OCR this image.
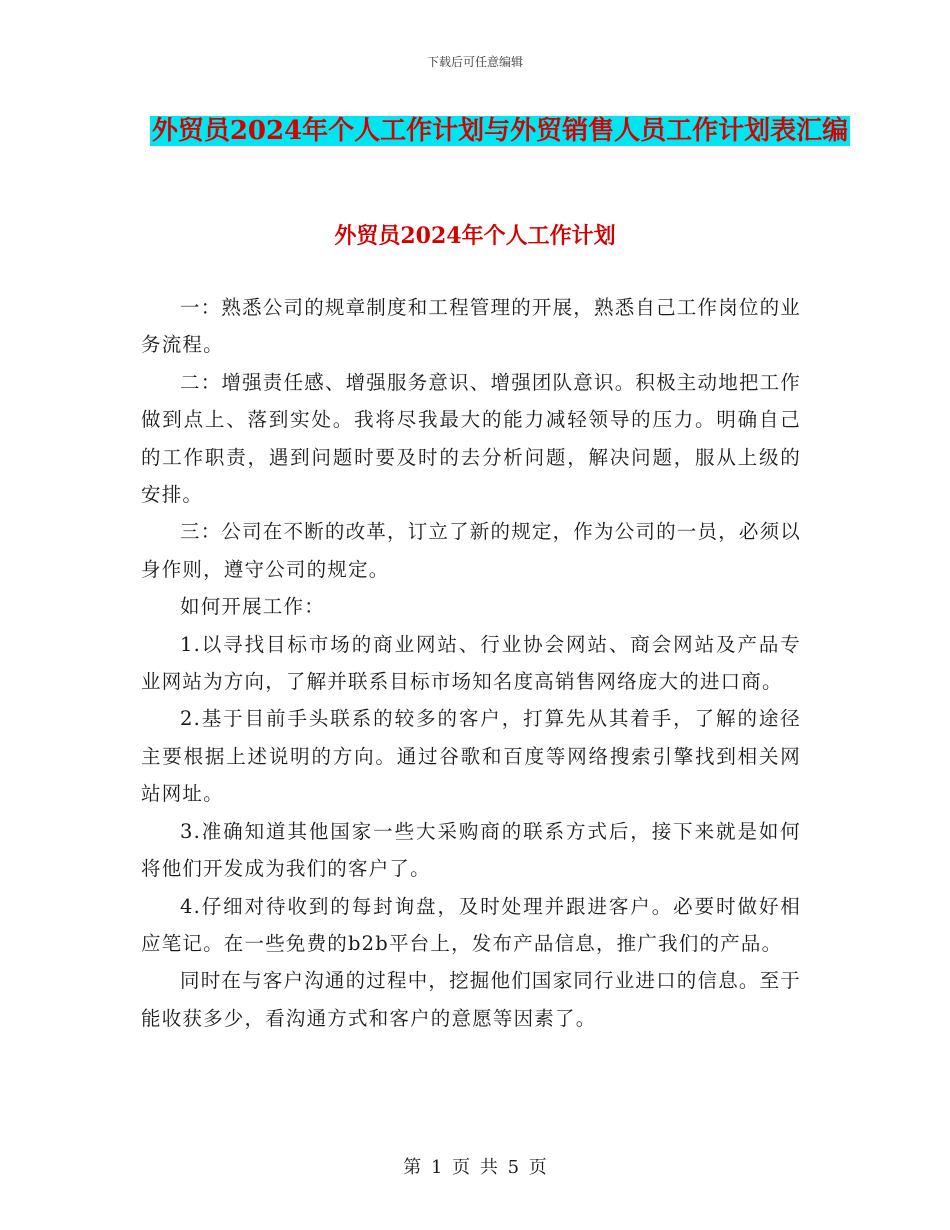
下载后可任意编辑
外贸员2024年个人工作计划与外贸销售人员工作计划表汇编
外贸员2024年个人工作计划

一：熟悉公司的规章制度和工程管理的开展，熟悉自己工作岗位的业务流程。

二：增强责任感、增强服务意识、增强团队意识。积极主动地把工作做到点上、落到实处。我将尽我最大的能力减轻领导的压力。明确自己的工作职责，遇到问题时要及时的去分析问题，解决问题，服从上级的安排。

三：公司在不断的改革，订立了新的规定，作为公司的一员，必须以身作则，遵守公司的规定。

如何开展工作：

1.以寻找目标市场的商业网站、行业协会网站、商会网站及产品专业网站为方向，了解并联系目标市场知名度高销售网络庞大的进口商。

2.基于目前手头联系的较多的客户，打算先从其着手，了解的途径主要根据上述说明的方向。通过谷歌和百度等网络搜索引擎找到相关网站网址。

3.准确知道其他国家一些大采购商的联系方式后，接下来就是如何将他们开发成为我们的客户了。

4.仔细对待收到的每封询盘，及时处理并跟进客户。必要时做好相应笔记。在一些免费的b2b平台上，发布产品信息，推广我们的产品。

同时在与客户沟通的过程中，挖掘他们国家同行业进口的信息。至于能收获多少，看沟通方式和客户的意愿等因素了。

第 1 页 共 5 页
